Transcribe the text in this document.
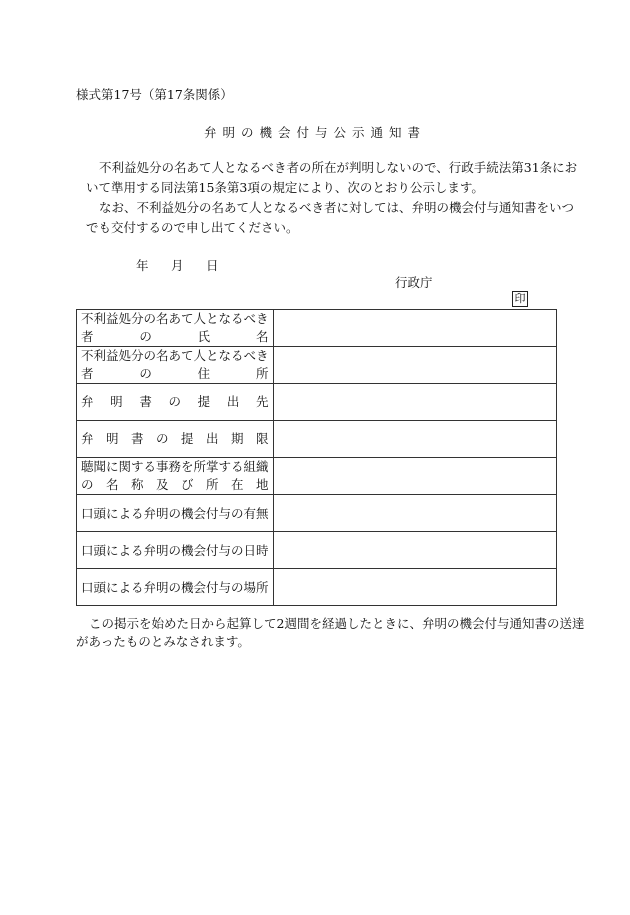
様式第17号（第17条関係）
弁明の機会付与公示通知書
不利益処分の名あて人となるべき者の所在が判明しないので、行政手続法第31条にお
いて準用する同法第15条第3項の規定により、次のとおり公示します。
なお、不利益処分の名あて人となるべき者に対しては、弁明の機会付与通知書をいつ
でも交付するので申し出てください。
年 月 日
行政庁
印
不利益処分の名あて人となるべき者の氏名	

不利益処分の名あて人となるべき者の住所	

弁明書の提出先	

弁明書の提出期限	

聴聞に関する事務を所掌する組織の名称及び所在地	

口頭による弁明の機会付与の有無	

口頭による弁明の機会付与の日時	

口頭による弁明の機会付与の場所	

この掲示を始めた日から起算して2週間を経過したときに、弁明の機会付与通知書の送達
があったものとみなされます。
